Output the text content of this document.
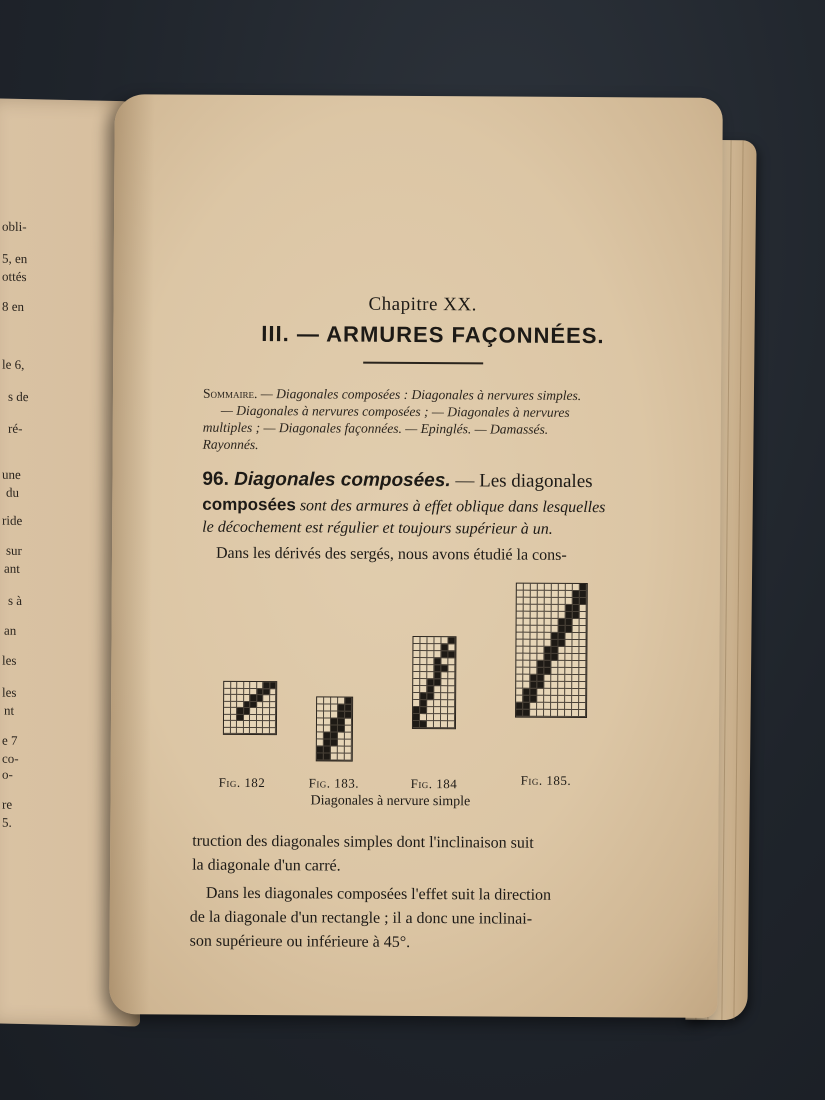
obli-
5, en
ottés
8 en
le 6,
s de
ré-
une
du
ride
sur
ant
s à
an
les
les
nt
e 7
co-
o-
re
5.
Chapitre XX.
III. — ARMURES FAÇONNÉES.
Sommaire. — Diagonales composées : Diagonales à nervures simples.
— Diagonales à nervures composées ; — Diagonales à nervures
multiples ; — Diagonales façonnées. — Epinglés. — Damassés.
Rayonnés.
96. Diagonales composées. — Les diagonales
composées sont des armures à effet oblique dans lesquelles
le décochement est régulier et toujours supérieur à un.
Dans les dérivés des sergés, nous avons étudié la cons-
Fig. 182	Fig. 183.	Fig. 184	Fig. 185.
Diagonales à nervure simple
truction des diagonales simples dont l'inclinaison suit
la diagonale d'un carré.
Dans les diagonales composées l'effet suit la direction
de la diagonale d'un rectangle ; il a donc une inclinai-
son supérieure ou inférieure à 45°.
